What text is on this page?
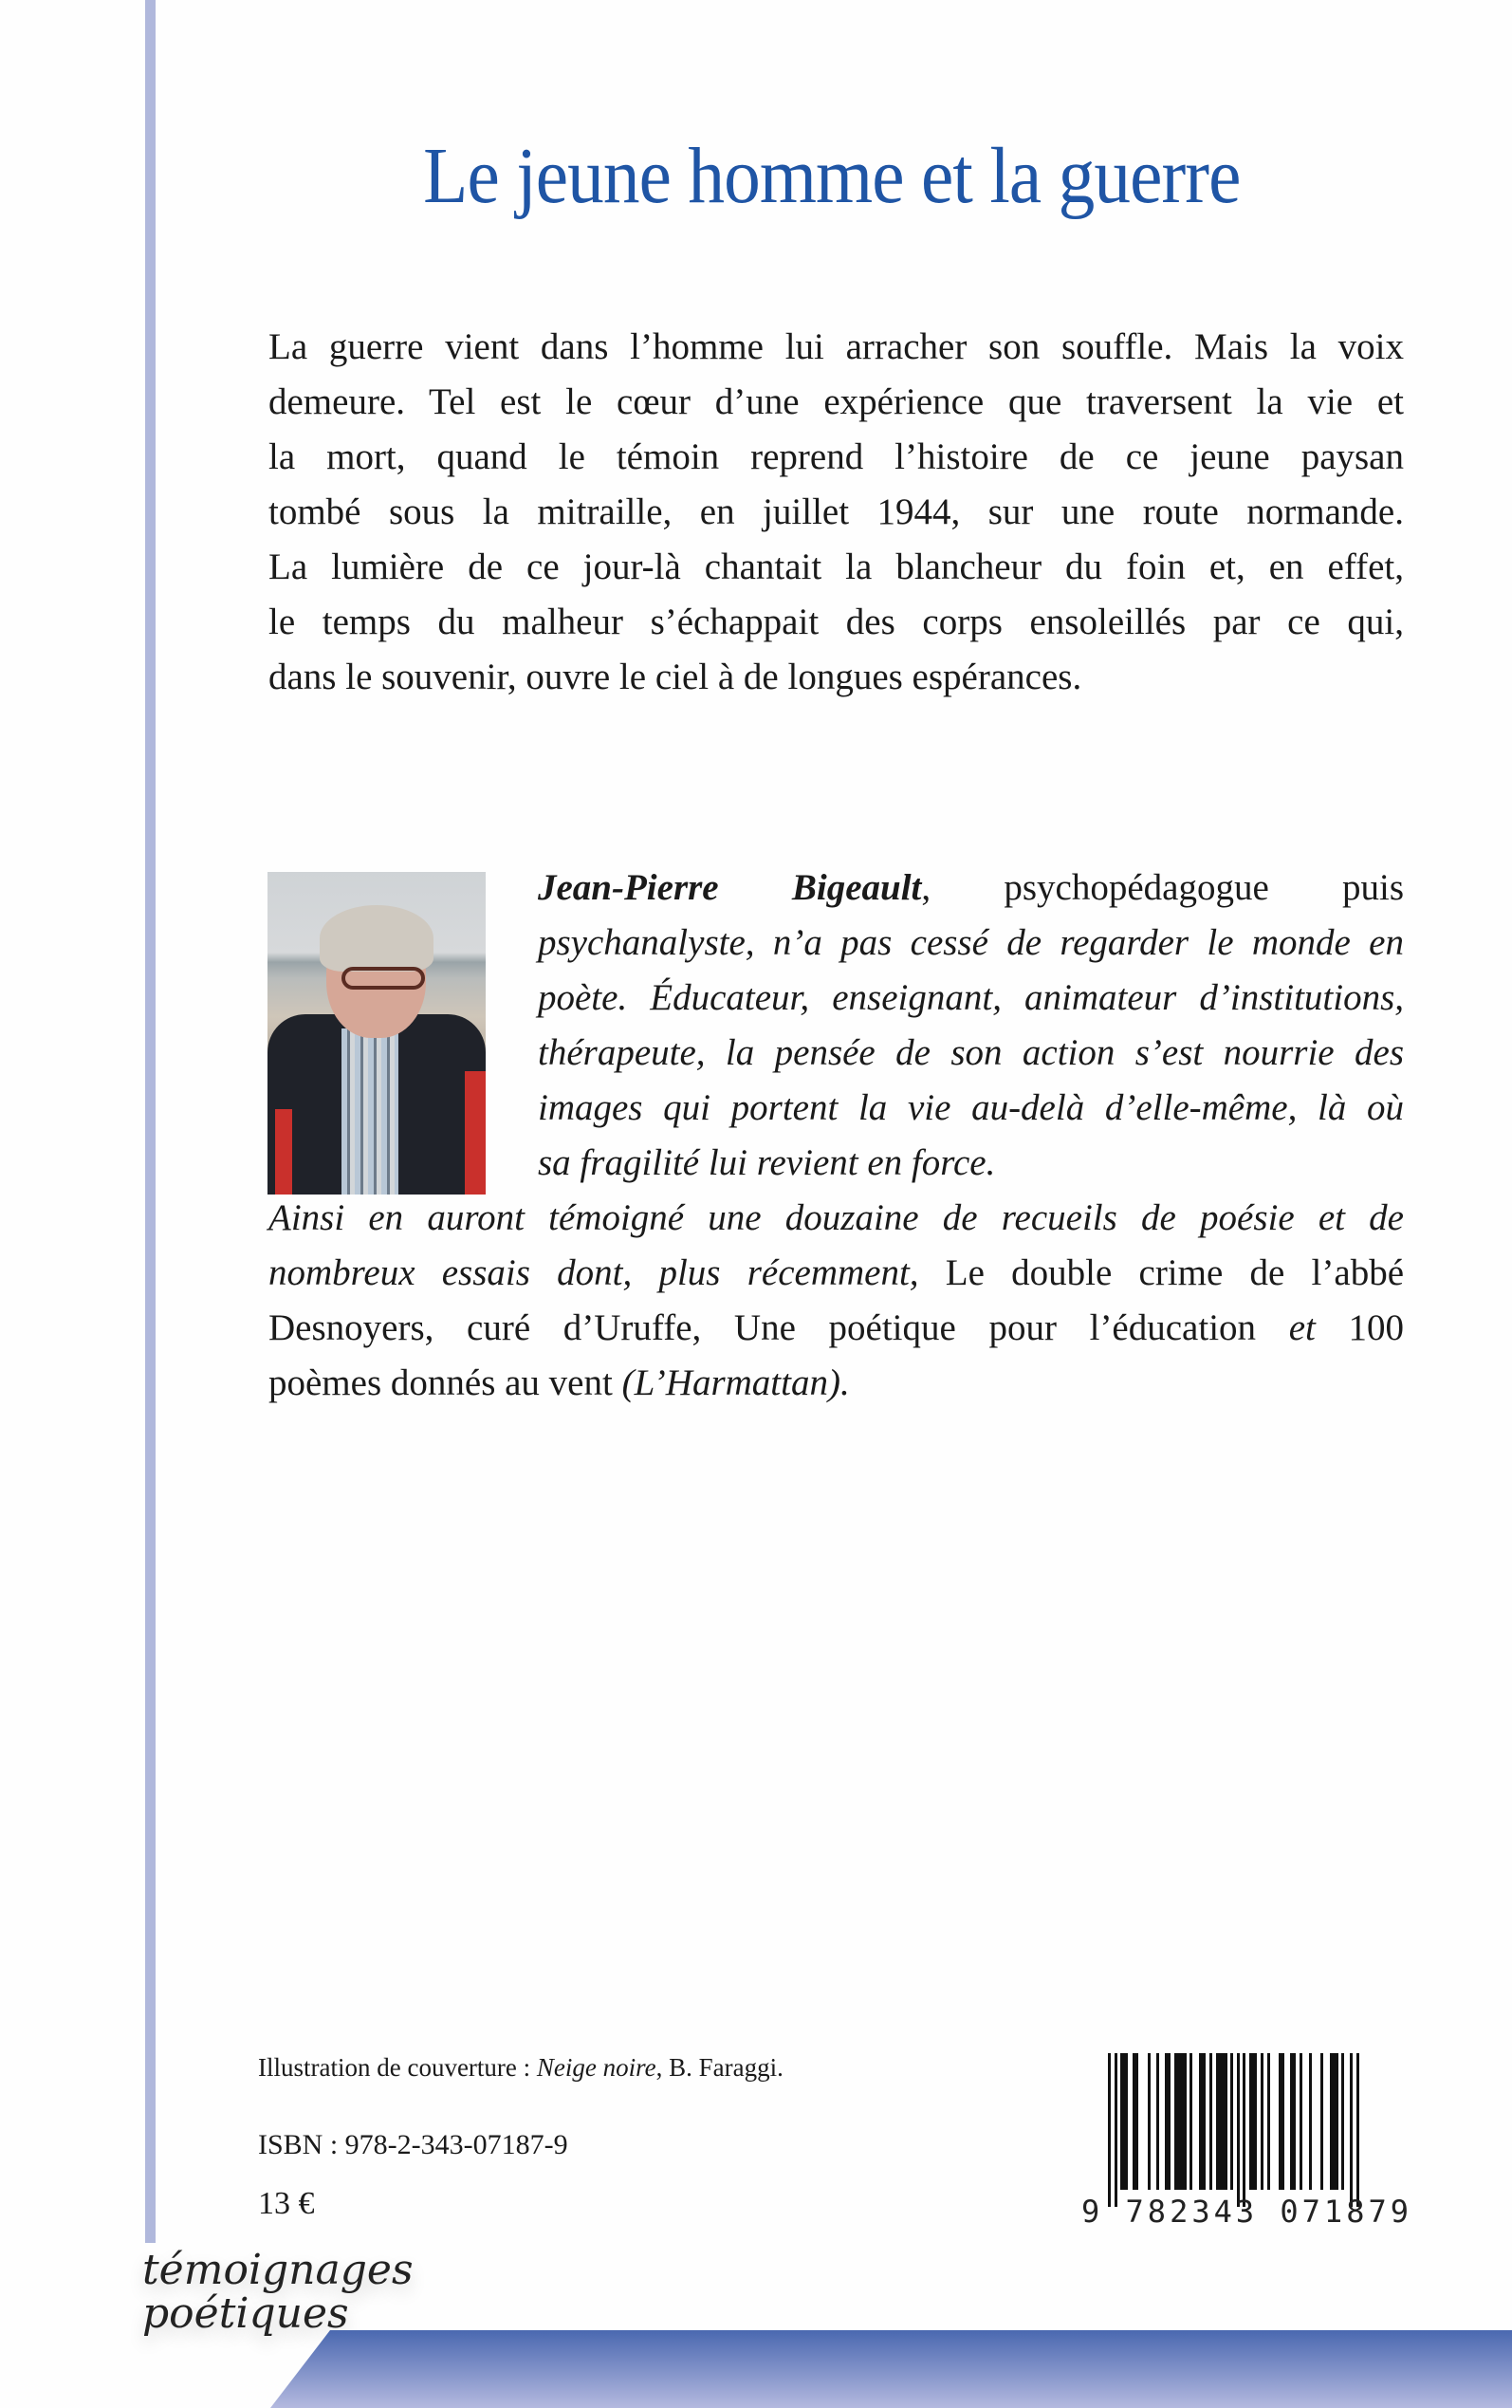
Le jeune homme et la guerre
La guerre vient dans l’homme lui arracher son souffle. Mais la voix
demeure. Tel est le cœur d’une expérience que traversent la vie et
la mort, quand le témoin reprend l’histoire de ce jeune paysan
tombé sous la mitraille, en juillet 1944, sur une route normande.
La lumière de ce jour-là chantait la blancheur du foin et, en effet,
le temps du malheur s’échappait des corps ensoleillés par ce qui,
dans le souvenir, ouvre le ciel à de longues espérances.
Jean-Pierre Bigeault, psychopédagogue puis
psychanalyste, n’a pas cessé de regarder le monde en
poète. Éducateur, enseignant, animateur d’institutions,
thérapeute, la pensée de son action s’est nourrie des
images qui portent la vie au-delà d’elle-même, là où
sa fragilité lui revient en force.
Ainsi en auront témoigné une douzaine de recueils de poésie et de
nombreux essais dont, plus récemment, Le double crime de l’abbé
Desnoyers, curé d’Uruffe, Une poétique pour l’éducation et 100
poèmes donnés au vent (L’Harmattan).
Illustration de couverture : Neige noire, B. Faraggi.
ISBN : 978-2-343-07187-9
13 €	9 782343 071879
témoignages
poétiques
